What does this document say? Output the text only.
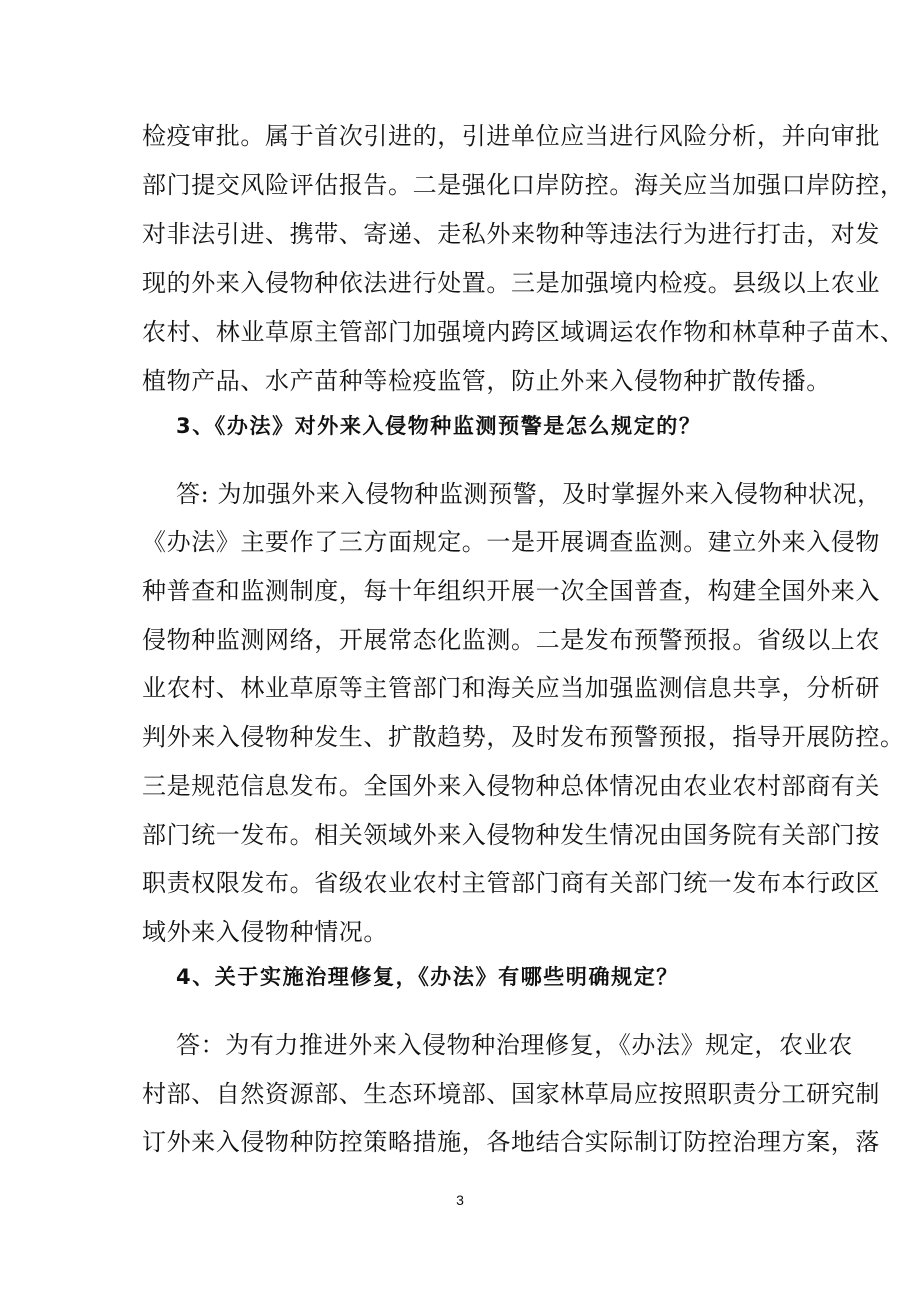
检疫审批。属于首次引进的，引进单位应当进行风险分析，并向审批
部门提交风险评估报告。二是强化口岸防控。海关应当加强口岸防控，
对非法引进、携带、寄递、走私外来物种等违法行为进行打击，对发
现的外来入侵物种依法进行处置。三是加强境内检疫。县级以上农业
农村、林业草原主管部门加强境内跨区域调运农作物和林草种子苗木、
植物产品、水产苗种等检疫监管，防止外来入侵物种扩散传播。
3、《办法》对外来入侵物种监测预警是怎么规定的？
答: 为加强外来入侵物种监测预警，及时掌握外来入侵物种状况，
《办法》主要作了三方面规定。一是开展调查监测。建立外来入侵物
种普查和监测制度，每十年组织开展一次全国普查，构建全国外来入
侵物种监测网络，开展常态化监测。二是发布预警预报。省级以上农
业农村、林业草原等主管部门和海关应当加强监测信息共享，分析研
判外来入侵物种发生、扩散趋势，及时发布预警预报，指导开展防控。
三是规范信息发布。全国外来入侵物种总体情况由农业农村部商有关
部门统一发布。相关领域外来入侵物种发生情况由国务院有关部门按
职责权限发布。省级农业农村主管部门商有关部门统一发布本行政区
域外来入侵物种情况。
4、关于实施治理修复，《办法》有哪些明确规定？
答：为有力推进外来入侵物种治理修复，《办法》规定，农业农
村部、自然资源部、生态环境部、国家林草局应按照职责分工研究制
订外来入侵物种防控策略措施，各地结合实际制订防控治理方案，落
3
